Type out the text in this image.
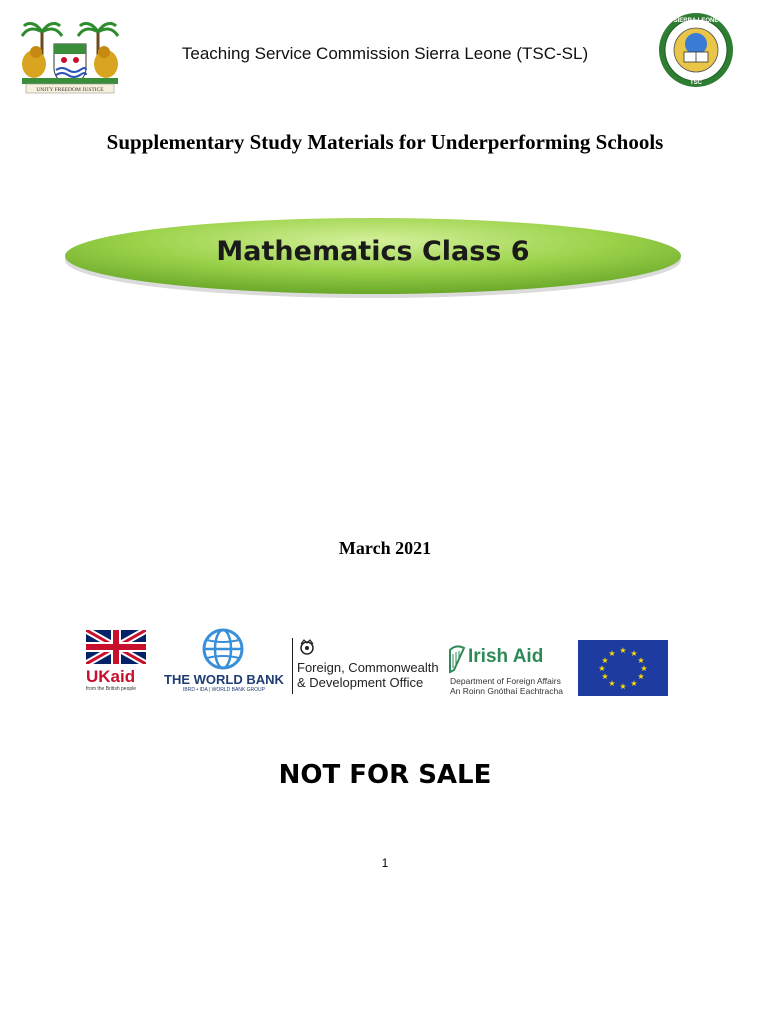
UNITY FREEDOM JUSTICE
Teaching Service Commission Sierra Leone (TSC-SL)
SIERRA LEONE
TSC
Supplementary Study Materials for Underperforming Schools
Mathematics Class 6
March 2021
UKaid
from the British people
THE WORLD BANK
IBRD • IDA | WORLD BANK GROUP
Foreign, Commonwealth
& Development Office
Irish Aid
Department of Foreign Affairs
An Roinn Gnóthaí Eachtracha
★ ★
★
★
★
★
★
★
★
★
★
★
NOT FOR SALE
1
